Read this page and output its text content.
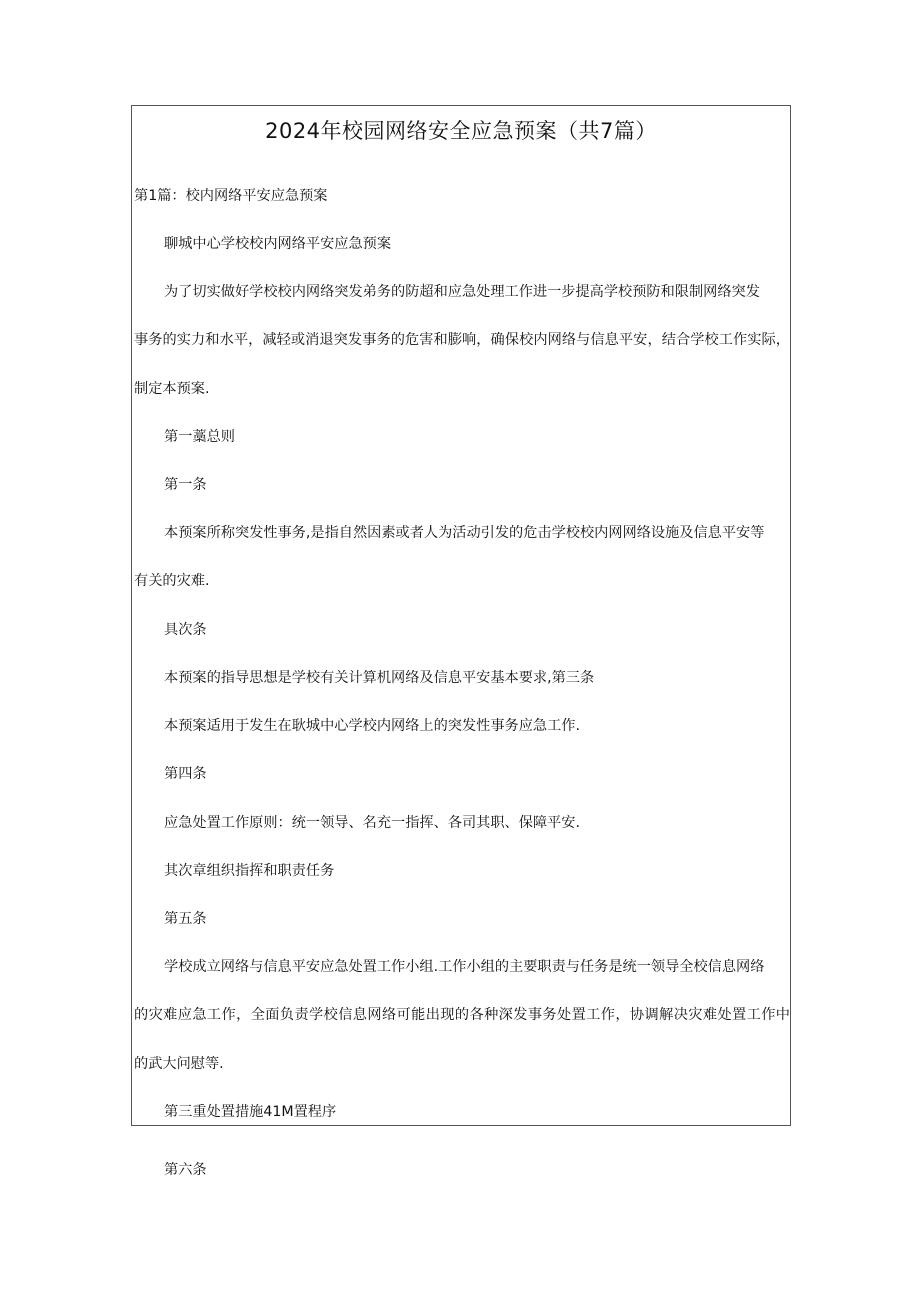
2024年校园网络安全应急预案（共7篇）
第1篇：校内网络平安应急预案
聊城中心学校校内网络平安应急预案
为了切实做好学校校内网络突发弟务的防超和应急处理工作进一步提高学校预防和限制网络突发
事务的实力和水平，减轻或消退突发事务的危害和膨响，确保校内网络与信息平安，结合学校工作实际，
制定本预案.
第一藁总则
第一条
本预案所称突发性事务,是指自然因素或者人为活动引发的危击学校校内网网络设施及信息平安等
有关的灾难.
具次条
本预案的指导思想是学校有关计算机网络及信息平安基本要求,第三条
本预案适用于发生在耿城中心学校内网络上的突发性事务应急工作.
第四条
应急处置工作原则：统一领导、名充一指挥、各司其职、保障平安.
其次章组织指挥和职责任务
第五条
学校成立网络与信息平安应急处置工作小组.工作小组的主要职责与任务是统一领导全校信息网络
的灾难应急工作，全面负责学校信息网络可能出现的各种深发事务处置工作，协调解决灾难处置工作中
的武大问慰等.
第三重处置措施41M置程序
第六条
